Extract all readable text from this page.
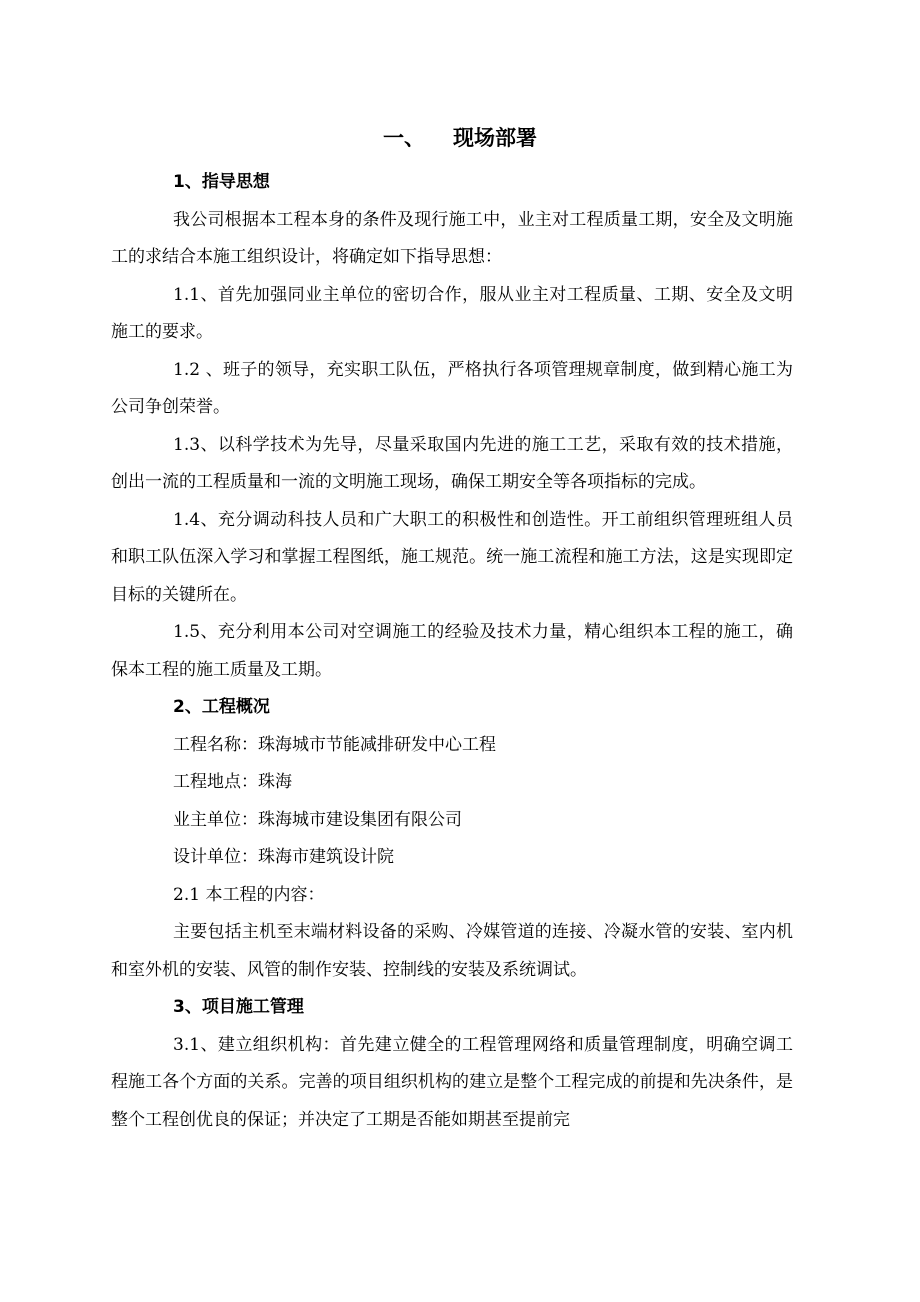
一、 现场部署

1、指导思想

我公司根据本工程本身的条件及现行施工中，业主对工程质量工期，安全及文明施工的求结合本施工组织设计，将确定如下指导思想：

1.1、首先加强同业主单位的密切合作，服从业主对工程质量、工期、安全及文明施工的要求。

1.2 、班子的领导，充实职工队伍，严格执行各项管理规章制度，做到精心施工为公司争创荣誉。

1.3、以科学技术为先导，尽量采取国内先进的施工工艺，采取有效的技术措施，创出一流的工程质量和一流的文明施工现场，确保工期安全等各项指标的完成。

1.4、充分调动科技人员和广大职工的积极性和创造性。开工前组织管理班组人员和职工队伍深入学习和掌握工程图纸，施工规范。统一施工流程和施工方法，这是实现即定目标的关键所在。

1.5、充分利用本公司对空调施工的经验及技术力量，精心组织本工程的施工，确保本工程的施工质量及工期。

2、工程概况

工程名称：珠海城市节能减排研发中心工程

工程地点：珠海

业主单位：珠海城市建设集团有限公司

设计单位：珠海市建筑设计院

2.1 本工程的内容：

主要包括主机至末端材料设备的采购、冷媒管道的连接、冷凝水管的安装、室内机和室外机的安装、风管的制作安装、控制线的安装及系统调试。

3、项目施工管理

3.1、建立组织机构：首先建立健全的工程管理网络和质量管理制度，明确空调工程施工各个方面的关系。完善的项目组织机构的建立是整个工程完成的前提和先决条件，是整个工程创优良的保证；并决定了工期是否能如期甚至提前完
